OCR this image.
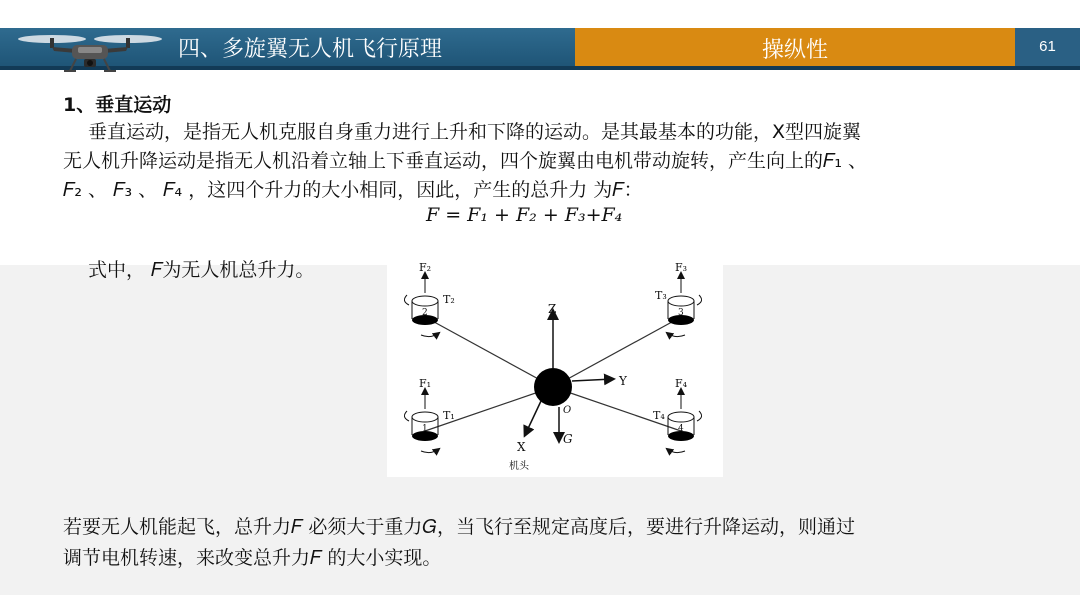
四、多旋翼无人机飞行原理	操纵性	61
1、垂直运动
垂直运动，是指无人机克服自身重力进行上升和下降的运动。是其最基本的功能，X型四旋翼
无人机升降运动是指无人机沿着立轴上下垂直运动，四个旋翼由电机带动旋转，产生向上的𝐹₁ 、
𝐹₂ 、 𝐹₃ 、 𝐹₄ ，这四个升力的大小相同，因此，产生的总升力 为𝐹：
𝐹 = 𝐹₁ + 𝐹₂ + 𝐹₃+𝐹₄
式中， 𝐹为无人机总升力。	F₂
T₂
2
F₃
T₃
3
F₁
T₁
1
F₄
T₄
4
Z
Y
X
O
G
机头
若要无人机能起飞，总升力𝐹 必须大于重力𝐺，当飞行至规定高度后，要进行升降运动，则通过
调节电机转速，来改变总升力𝐹 的大小实现。
